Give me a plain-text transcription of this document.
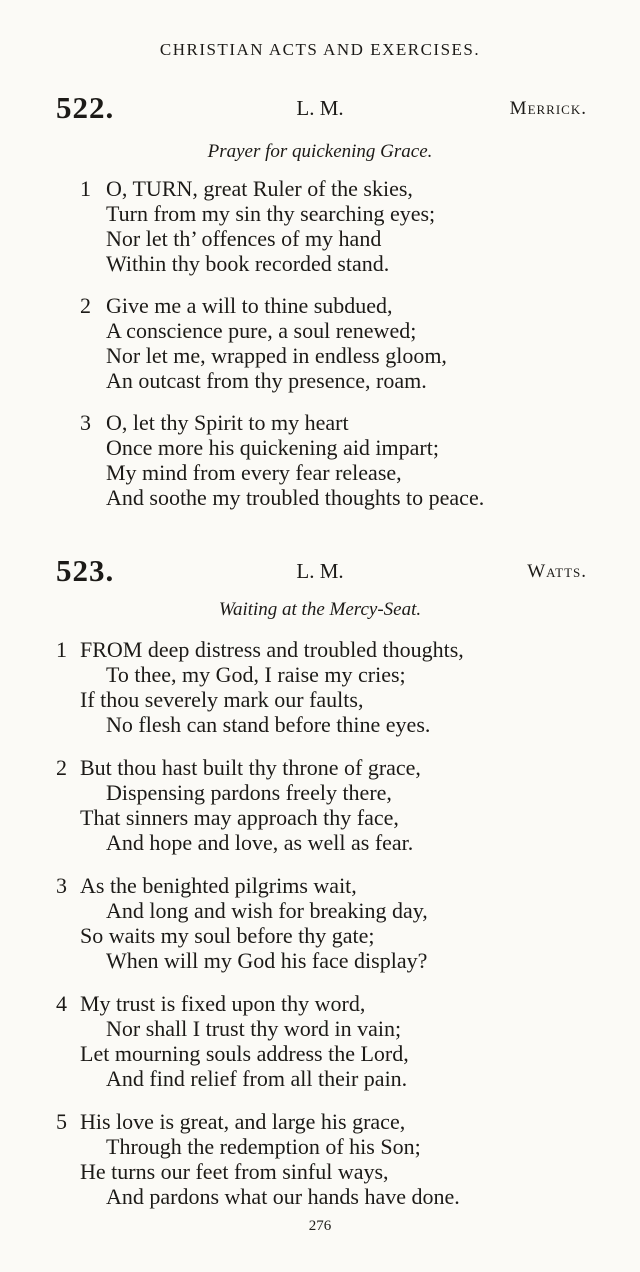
CHRISTIAN ACTS AND EXERCISES.
522.	L. M.	Merrick.
Prayer for quickening Grace.
1 O, TURN, great Ruler of the skies,
Turn from my sin thy searching eyes;
Nor let th’ offences of my hand
Within thy book recorded stand.
2 Give me a will to thine subdued,
A conscience pure, a soul renewed;
Nor let me, wrapped in endless gloom,
An outcast from thy presence, roam.
3 O, let thy Spirit to my heart
Once more his quickening aid impart;
My mind from every fear release,
And soothe my troubled thoughts to peace.
523.	L. M.	Watts.
Waiting at the Mercy-Seat.
1 FROM deep distress and troubled thoughts,
To thee, my God, I raise my cries;
If thou severely mark our faults,
No flesh can stand before thine eyes.
2 But thou hast built thy throne of grace,
Dispensing pardons freely there,
That sinners may approach thy face,
And hope and love, as well as fear.
3 As the benighted pilgrims wait,
And long and wish for breaking day,
So waits my soul before thy gate;
When will my God his face display?
4 My trust is fixed upon thy word,
Nor shall I trust thy word in vain;
Let mourning souls address the Lord,
And find relief from all their pain.
5 His love is great, and large his grace,
Through the redemption of his Son;
He turns our feet from sinful ways,
And pardons what our hands have done.
276
